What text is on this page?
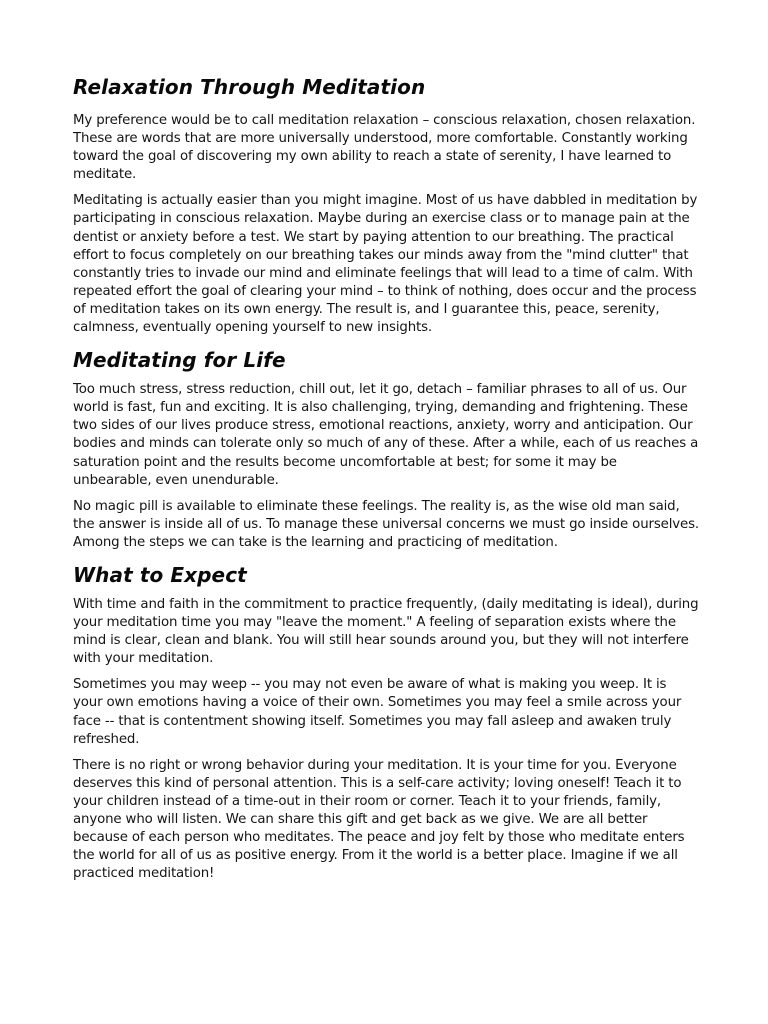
Relaxation Through Meditation

My preference would be to call meditation relaxation – conscious relaxation, chosen relaxation. These are words that are more universally understood, more comfortable. Constantly working toward the goal of discovering my own ability to reach a state of serenity, I have learned to meditate.

Meditating is actually easier than you might imagine. Most of us have dabbled in meditation by participating in conscious relaxation. Maybe during an exercise class or to manage pain at the dentist or anxiety before a test. We start by paying attention to our breathing. The practical effort to focus completely on our breathing takes our minds away from the "mind clutter" that constantly tries to invade our mind and eliminate feelings that will lead to a time of calm. With repeated effort the goal of clearing your mind – to think of nothing, does occur and the process of meditation takes on its own energy. The result is, and I guarantee this, peace, serenity, calmness, eventually opening yourself to new insights.

Meditating for Life

Too much stress, stress reduction, chill out, let it go, detach – familiar phrases to all of us. Our world is fast, fun and exciting. It is also challenging, trying, demanding and frightening. These two sides of our lives produce stress, emotional reactions, anxiety, worry and anticipation. Our bodies and minds can tolerate only so much of any of these. After a while, each of us reaches a saturation point and the results become uncomfortable at best; for some it may be unbearable, even unendurable.

No magic pill is available to eliminate these feelings. The reality is, as the wise old man said, the answer is inside all of us. To manage these universal concerns we must go inside ourselves. Among the steps we can take is the learning and practicing of meditation.

What to Expect

With time and faith in the commitment to practice frequently, (daily meditating is ideal), during your meditation time you may "leave the moment." A feeling of separation exists where the mind is clear, clean and blank. You will still hear sounds around you, but they will not interfere with your meditation.

Sometimes you may weep -- you may not even be aware of what is making you weep. It is your own emotions having a voice of their own. Sometimes you may feel a smile across your face -- that is contentment showing itself. Sometimes you may fall asleep and awaken truly refreshed.

There is no right or wrong behavior during your meditation. It is your time for you. Everyone deserves this kind of personal attention. This is a self-care activity; loving oneself! Teach it to your children instead of a time-out in their room or corner. Teach it to your friends, family, anyone who will listen. We can share this gift and get back as we give. We are all better because of each person who meditates. The peace and joy felt by those who meditate enters the world for all of us as positive energy. From it the world is a better place. Imagine if we all practiced meditation!
